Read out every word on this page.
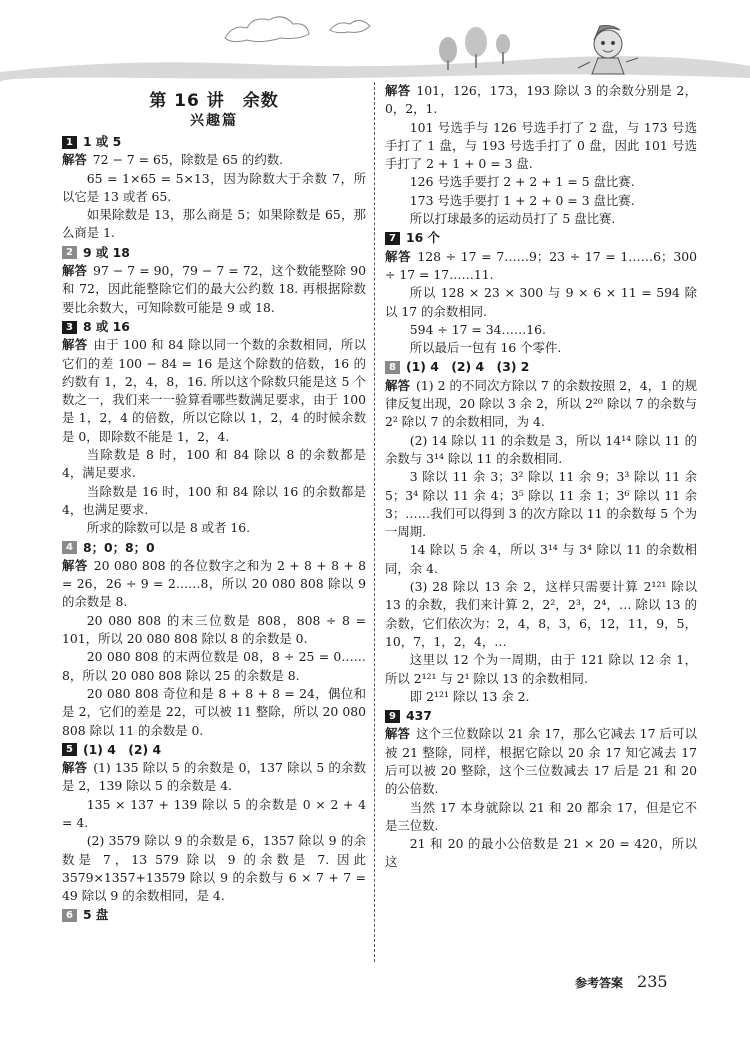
第 16 讲　余数
兴趣篇
1 1 或 5

解答 72 − 7 = 65，除数是 65 的约数.

65 = 1×65 = 5×13，因为除数大于余数 7，所以它是 13 或者 65.

如果除数是 13，那么商是 5；如果除数是 65，那么商是 1.

2 9 或 18

解答 97 − 7 = 90，79 − 7 = 72，这个数能整除 90 和 72，因此能整除它们的最大公约数 18. 再根据除数要比余数大，可知除数可能是 9 或 18.

3 8 或 16

解答 由于 100 和 84 除以同一个数的余数相同，所以它们的差 100 − 84 = 16 是这个除数的倍数，16 的约数有 1，2，4，8，16. 所以这个除数只能是这 5 个数之一，我们来一一验算看哪些数满足要求，由于 100 是 1，2，4 的倍数，所以它除以 1，2，4 的时候余数是 0，即除数不能是 1，2，4.

当除数是 8 时，100 和 84 除以 8 的余数都是 4，满足要求.

当除数是 16 时，100 和 84 除以 16 的余数都是 4，也满足要求.

所求的除数可以是 8 或者 16.

4 8；0；8；0

解答 20 080 808 的各位数字之和为 2 + 8 + 8 + 8 = 26，26 ÷ 9 = 2……8，所以 20 080 808 除以 9 的余数是 8.

20 080 808 的末三位数是 808，808 ÷ 8 = 101，所以 20 080 808 除以 8 的余数是 0.

20 080 808 的末两位数是 08，8 ÷ 25 = 0……8，所以 20 080 808 除以 25 的余数是 8.

20 080 808 奇位和是 8 + 8 + 8 = 24，偶位和是 2，它们的差是 22，可以被 11 整除，所以 20 080 808 除以 11 的余数是 0.

5 (1) 4　(2) 4

解答 (1) 135 除以 5 的余数是 0，137 除以 5 的余数是 2，139 除以 5 的余数是 4.

135 × 137 + 139 除以 5 的余数是 0 × 2 + 4 = 4.

(2) 3579 除以 9 的余数是 6，1357 除以 9 的余数是 7，13 579 除以 9 的余数是 7. 因此 3579×1357+13579 除以 9 的余数与 6 × 7 + 7 = 49 除以 9 的余数相同，是 4.

6 5 盘

解答 101，126，173，193 除以 3 的余数分别是 2，0，2，1.

101 号选手与 126 号选手打了 2 盘，与 173 号选手打了 1 盘，与 193 号选手打了 0 盘，因此 101 号选手打了 2 + 1 + 0 = 3 盘.

126 号选手要打 2 + 2 + 1 = 5 盘比赛.

173 号选手要打 1 + 2 + 0 = 3 盘比赛.

所以打球最多的运动员打了 5 盘比赛.

7 16 个

解答 128 ÷ 17 = 7……9；23 ÷ 17 = 1……6；300 ÷ 17 = 17……11.

所以 128 × 23 × 300 与 9 × 6 × 11 = 594 除以 17 的余数相同.

594 ÷ 17 = 34……16.

所以最后一包有 16 个零件.

8 (1) 4　(2) 4　(3) 2

解答 (1) 2 的不同次方除以 7 的余数按照 2，4，1 的规律反复出现，20 除以 3 余 2，所以 2²⁰ 除以 7 的余数与 2² 除以 7 的余数相同，为 4.

(2) 14 除以 11 的余数是 3，所以 14¹⁴ 除以 11 的余数与 3¹⁴ 除以 11 的余数相同.

3 除以 11 余 3；3² 除以 11 余 9；3³ 除以 11 余 5；3⁴ 除以 11 余 4；3⁵ 除以 11 余 1；3⁶ 除以 11 余 3；……我们可以得到 3 的次方除以 11 的余数每 5 个为一周期.

14 除以 5 余 4，所以 3¹⁴ 与 3⁴ 除以 11 的余数相同，余 4.

(3) 28 除以 13 余 2，这样只需要计算 2¹²¹ 除以 13 的余数，我们来计算 2，2²，2³，2⁴，… 除以 13 的余数，它们依次为：2，4，8，3，6，12，11，9，5，10，7，1，2，4，…

这里以 12 个为一周期，由于 121 除以 12 余 1，所以 2¹²¹ 与 2¹ 除以 13 的余数相同.

即 2¹²¹ 除以 13 余 2.

9 437

解答 这个三位数除以 21 余 17，那么它减去 17 后可以被 21 整除，同样，根据它除以 20 余 17 知它减去 17 后可以被 20 整除，这个三位数减去 17 后是 21 和 20 的公倍数.

当然 17 本身就除以 21 和 20 都余 17，但是它不是三位数.

21 和 20 的最小公倍数是 21 × 20 = 420，所以这

参考答案 235
